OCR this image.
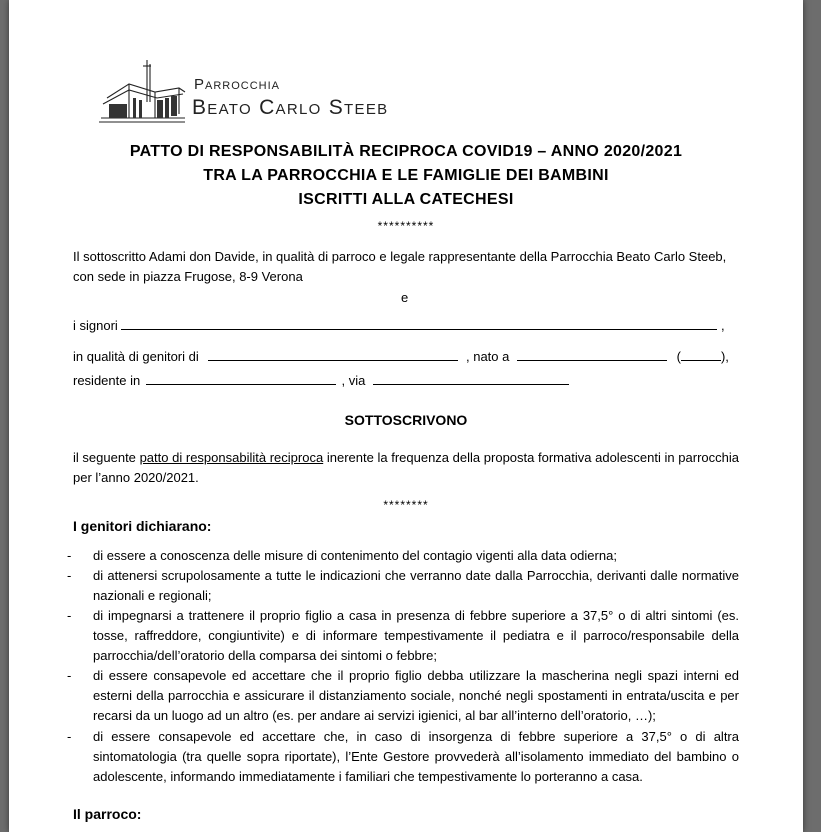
Parrocchia
Beato Carlo Steeb
PATTO DI RESPONSABILITÀ RECIPROCA COVID19 – ANNO 2020/2021
TRA LA PARROCCHIA E LE FAMIGLIE DEI BAMBINI
ISCRITTI ALLA CATECHESI
**********
Il sottoscritto Adami don Davide, in qualità di parroco e legale rappresentante della Parrocchia Beato Carlo Steeb,
con sede in piazza Frugose, 8-9 Verona
e
i signori	,
in qualità di genitori di	, nato a	(	),
residente in	, via
SOTTOSCRIVONO
il seguente patto di responsabilità reciproca inerente la frequenza della proposta formativa adolescenti in parrocchia per l’anno 2020/2021.
********
I genitori dichiarano:
- di essere a conoscenza delle misure di contenimento del contagio vigenti alla data odierna;
- di attenersi scrupolosamente a tutte le indicazioni che verranno date dalla Parrocchia, derivanti dalle normative nazionali e regionali;
- di impegnarsi a trattenere il proprio figlio a casa in presenza di febbre superiore a 37,5° o di altri sintomi (es. tosse, raffreddore, congiuntivite) e di informare tempestivamente il pediatra e il parroco/responsabile della parrocchia/dell’oratorio della comparsa dei sintomi o febbre;
- di essere consapevole ed accettare che il proprio figlio debba utilizzare la mascherina negli spazi interni ed esterni della parrocchia e assicurare il distanziamento sociale, nonché negli spostamenti in entrata/uscita e per recarsi da un luogo ad un altro (es. per andare ai servizi igienici, al bar all’interno dell’oratorio, …);
- di essere consapevole ed accettare che, in caso di insorgenza di febbre superiore a 37,5° o di altra sintomatologia (tra quelle sopra riportate), l’Ente Gestore provvederà all’isolamento immediato del bambino o adolescente, informando immediatamente i familiari che tempestivamente lo porteranno a casa.
Il parroco:
